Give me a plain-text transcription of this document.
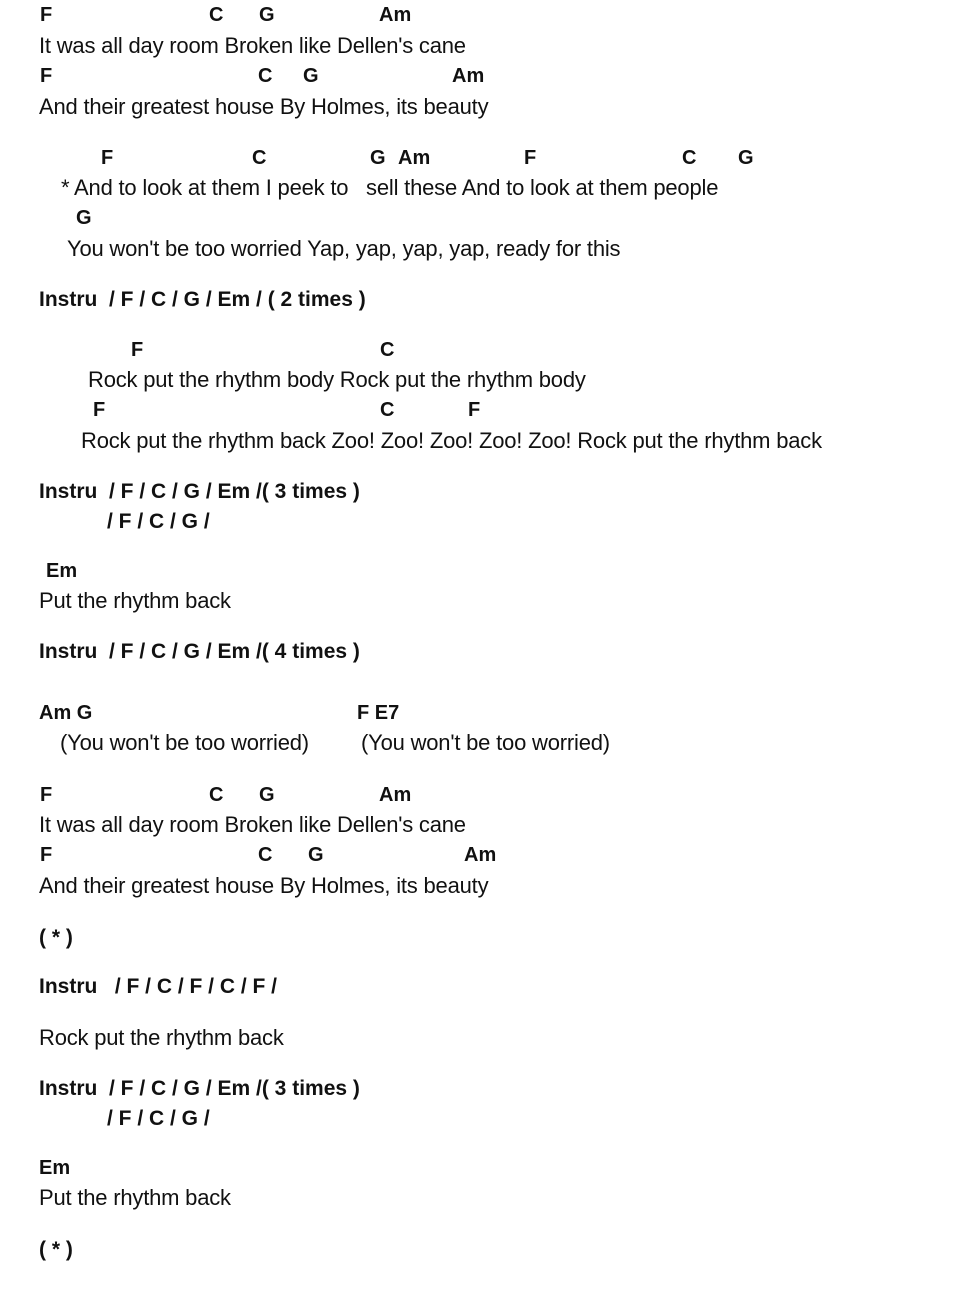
F

	C

G

	Am

It was all day room Broken like Dellen's cane

F

	C

G

	Am

And their greatest house By Holmes, its beauty

F

	C

	G

Am

	F

	C

G

* And to look at them I peek to   sell these And to look at them people

G

You won't be too worried Yap, yap, yap, yap, ready for this
Instru  / F / C / G / Em / ( 2 times )

F

	C

Rock put the rhythm body Rock put the rhythm body

F

	C

	F

Rock put the rhythm back Zoo! Zoo! Zoo! Zoo! Zoo! Rock put the rhythm back
Instru  / F / C / G / Em /( 3 times )
/ F / C / G /
Em
Put the rhythm back
Instru  / F / C / G / Em /( 4 times )
Am G	F E7
(You won't be too worried) (You won't be too worried)

F

	C

G

	Am

It was all day room Broken like Dellen's cane

F

	C

G

	Am

And their greatest house By Holmes, its beauty
( * )
Instru   / F / C / F / C / F /
Rock put the rhythm back
Instru  / F / C / G / Em /( 3 times )
/ F / C / G /
Em
Put the rhythm back
( * )
